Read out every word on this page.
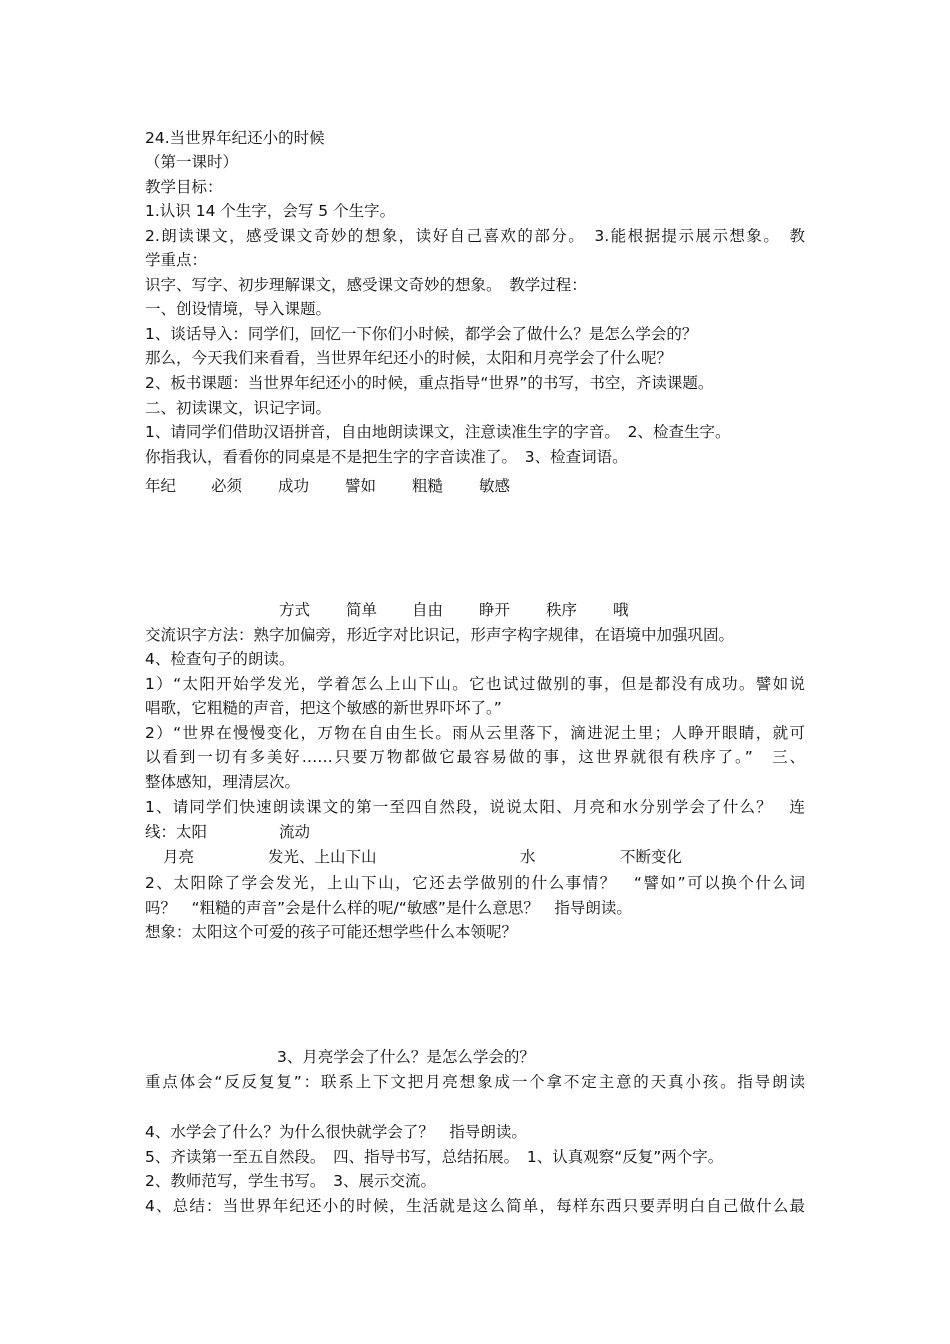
24.当世界年纪还小的时候
（第一课时）
教学目标：
1.认识 14 个生字，会写 5 个生字。
2.朗读课文，感受课文奇妙的想象，读好自己喜欢的部分。　3.能根据提示展示想象。　教
学重点：
识字、写字、初步理解课文，感受课文奇妙的想象。　教学过程：
一、创设情境，导入课题。
1、谈话导入：同学们，回忆一下你们小时候，都学会了做什么？是怎么学会的？
那么，今天我们来看看，当世界年纪还小的时候，太阳和月亮学会了什么呢？
2、板书课题：当世界年纪还小的时候，重点指导“世界”的书写，书空，齐读课题。
二、初读课文，识记字词。
1、请同学们借助汉语拼音，自由地朗读课文，注意读准生字的字音。　2、检查生字。
你指我认，看看你的同桌是不是把生字的字音读准了。　3、检查词语。
年纪 必须 成功 譬如 粗糙 敏感
方式 简单 自由 睁开 秩序 哦
交流识字方法：熟字加偏旁，形近字对比识记，形声字构字规律，在语境中加强巩固。
4、检查句子的朗读。
1）“太阳开始学发光，学着怎么上山下山。它也试过做别的事，但是都没有成功。譬如说
唱歌，它粗糙的声音，把这个敏感的新世界吓坏了。”
2）“世界在慢慢变化，万物在自由生长。雨从云里落下，滴进泥土里；人睁开眼睛，就可
以看到一切有多美好……只要万物都做它最容易做的事，这世界就很有秩序了。”　三、
整体感知，理清层次。
1、请同学们快速朗读课文的第一至四自然段，说说太阳、月亮和水分别学会了什么？　连
线：太阳	流动
月亮	发光、上山下山	水	不断变化
2、太阳除了学会发光，上山下山，它还去学做别的什么事情？　“譬如”可以换个什么词
吗？　“粗糙的声音”会是什么样的呢/“敏感”是什么意思？　指导朗读。
想象：太阳这个可爱的孩子可能还想学些什么本领呢？
3、月亮学会了什么？是怎么学会的？
重点体会“反反复复”：联系上下文把月亮想象成一个拿不定主意的天真小孩。指导朗读
4、水学会了什么？为什么很快就学会了？　指导朗读。
5、齐读第一至五自然段。　四、指导书写，总结拓展。　1、认真观察“反复”两个字。
2、教师范写，学生书写。　3、展示交流。
4、总结：当世界年纪还小的时候，生活就是这么简单，每样东西只要弄明白自己做什么最
